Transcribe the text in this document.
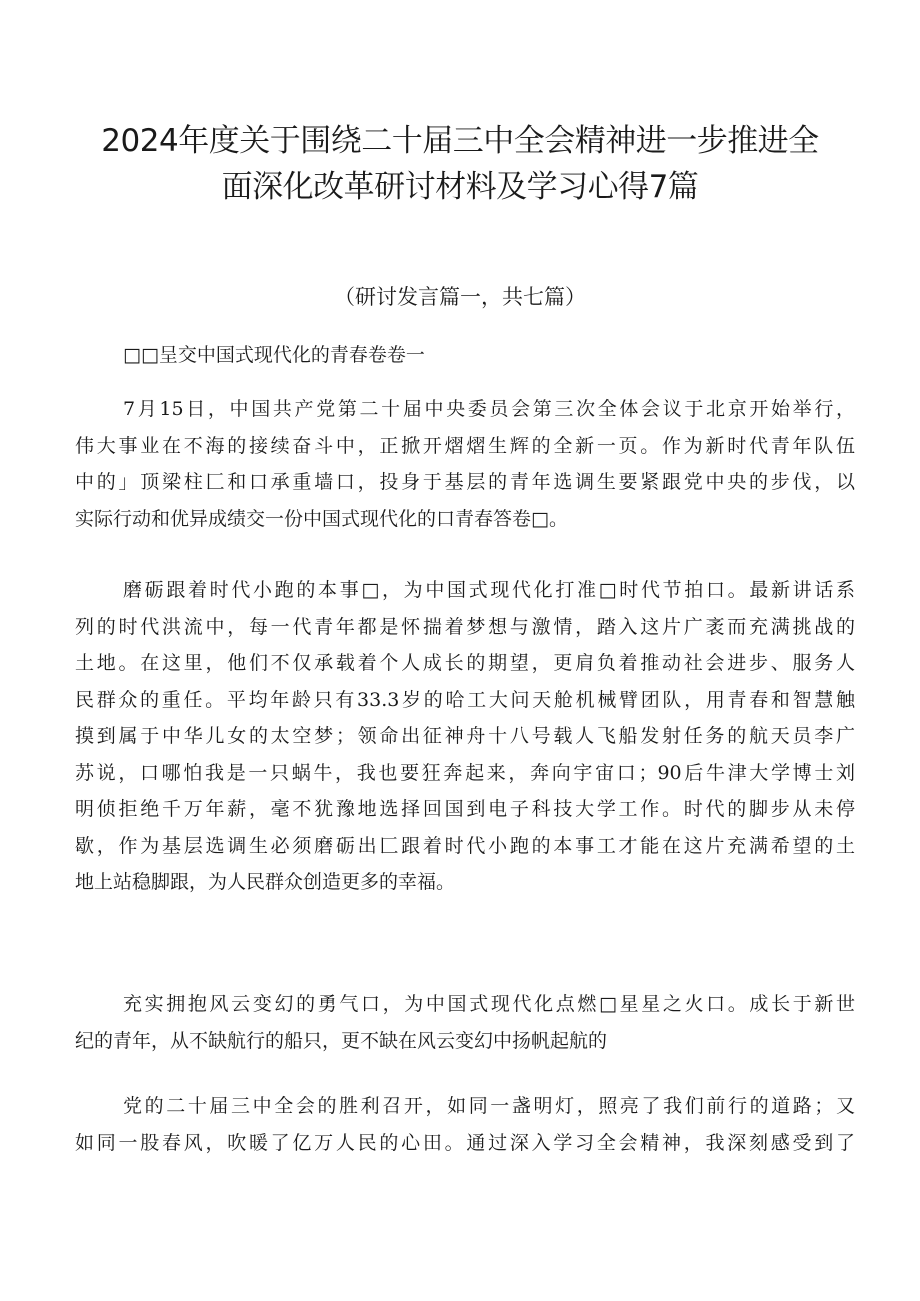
2024年度关于围绕二十届三中全会精神进一步推进全
面深化改革研讨材料及学习心得7篇
（研讨发言篇一，共七篇）
□□呈交中国式现代化的青春卷卷一
7月15日，中国共产党第二十届中央委员会第三次全体会议于北京开始举行，
伟大事业在不海的接续奋斗中，正掀开熠熠生辉的全新一页。作为新时代青年队伍
中的」顶梁柱匚和口承重墙口，投身于基层的青年选调生要紧跟党中央的步伐，以
实际行动和优异成绩交一份中国式现代化的口青春答卷□。
磨砺跟着时代小跑的本事□，为中国式现代化打准□时代节拍口。最新讲话系
列的时代洪流中，每一代青年都是怀揣着梦想与激情，踏入这片广袤而充满挑战的
土地。在这里，他们不仅承载着个人成长的期望，更肩负着推动社会进步、服务人
民群众的重任。平均年龄只有33.3岁的哈工大问天舱机械臂团队，用青春和智慧触
摸到属于中华儿女的太空梦；领命出征神舟十八号载人飞船发射任务的航天员李广
苏说，口哪怕我是一只蜗牛，我也要狂奔起来，奔向宇宙口；90后牛津大学博士刘
明侦拒绝千万年薪，毫不犹豫地选择回国到电子科技大学工作。时代的脚步从未停
歇，作为基层选调生必须磨砺出匚跟着时代小跑的本事工才能在这片充满希望的土
地上站稳脚跟，为人民群众创造更多的幸福。
充实拥抱风云变幻的勇气口，为中国式现代化点燃□星星之火口。成长于新世
纪的青年，从不缺航行的船只，更不缺在风云变幻中扬帆起航的
党的二十届三中全会的胜利召开，如同一盏明灯，照亮了我们前行的道路；又
如同一股春风，吹暖了亿万人民的心田。通过深入学习全会精神，我深刻感受到了
